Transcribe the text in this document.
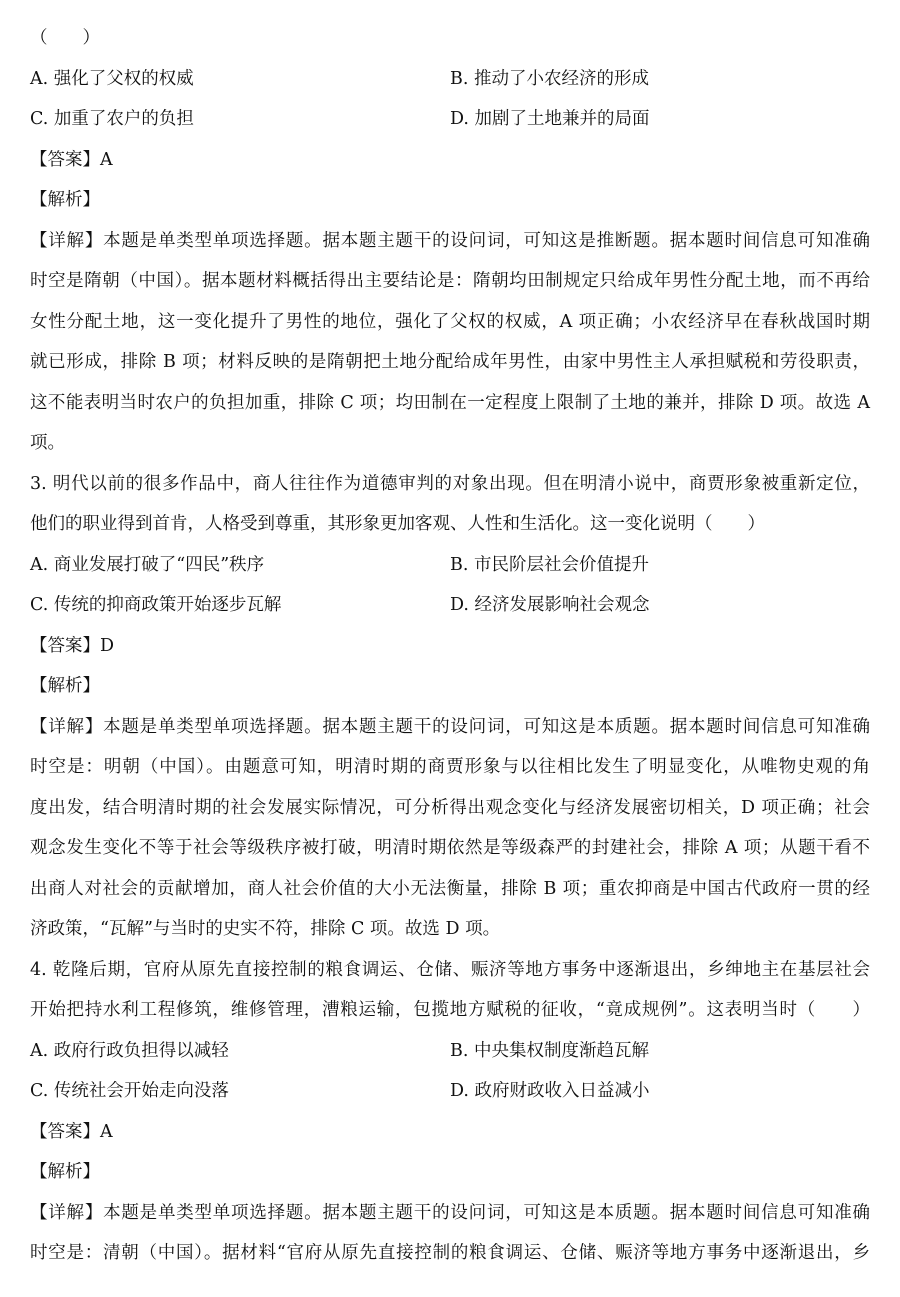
（　　）
A. 强化了父权的权威	B. 推动了小农经济的形成
C. 加重了农户的负担	D. 加剧了土地兼并的局面
【答案】A
【解析】
【详解】本题是单类型单项选择题。据本题主题干的设问词，可知这是推断题。据本题时间信息可知准确
时空是隋朝（中国）。据本题材料概括得出主要结论是：隋朝均田制规定只给成年男性分配土地，而不再给
女性分配土地，这一变化提升了男性的地位，强化了父权的权威，A 项正确；小农经济早在春秋战国时期
就已形成，排除 B 项；材料反映的是隋朝把土地分配给成年男性，由家中男性主人承担赋税和劳役职责，
这不能表明当时农户的负担加重，排除 C 项；均田制在一定程度上限制了土地的兼并，排除 D 项。故选 A
项。
3. 明代以前的很多作品中，商人往往作为道德审判的对象出现。但在明清小说中，商贾形象被重新定位，
他们的职业得到首肯，人格受到尊重，其形象更加客观、人性和生活化。这一变化说明（　　）
A. 商业发展打破了“四民”秩序	B. 市民阶层社会价值提升
C. 传统的抑商政策开始逐步瓦解	D. 经济发展影响社会观念
【答案】D
【解析】
【详解】本题是单类型单项选择题。据本题主题干的设问词，可知这是本质题。据本题时间信息可知准确
时空是：明朝（中国）。由题意可知，明清时期的商贾形象与以往相比发生了明显变化，从唯物史观的角
度出发，结合明清时期的社会发展实际情况，可分析得出观念变化与经济发展密切相关，D 项正确；社会
观念发生变化不等于社会等级秩序被打破，明清时期依然是等级森严的封建社会，排除 A 项；从题干看不
出商人对社会的贡献增加，商人社会价值的大小无法衡量，排除 B 项；重农抑商是中国古代政府一贯的经
济政策，“瓦解”与当时的史实不符，排除 C 项。故选 D 项。
4. 乾隆后期，官府从原先直接控制的粮食调运、仓储、赈济等地方事务中逐渐退出，乡绅地主在基层社会
开始把持水利工程修筑，维修管理，漕粮运输，包揽地方赋税的征收，“竟成规例”。这表明当时（　　）
A. 政府行政负担得以减轻	B. 中央集权制度渐趋瓦解
C. 传统社会开始走向没落	D. 政府财政收入日益减小
【答案】A
【解析】
【详解】本题是单类型单项选择题。据本题主题干的设问词，可知这是本质题。据本题时间信息可知准确
时空是：清朝（中国）。据材料“官府从原先直接控制的粮食调运、仓储、赈济等地方事务中逐渐退出，乡
